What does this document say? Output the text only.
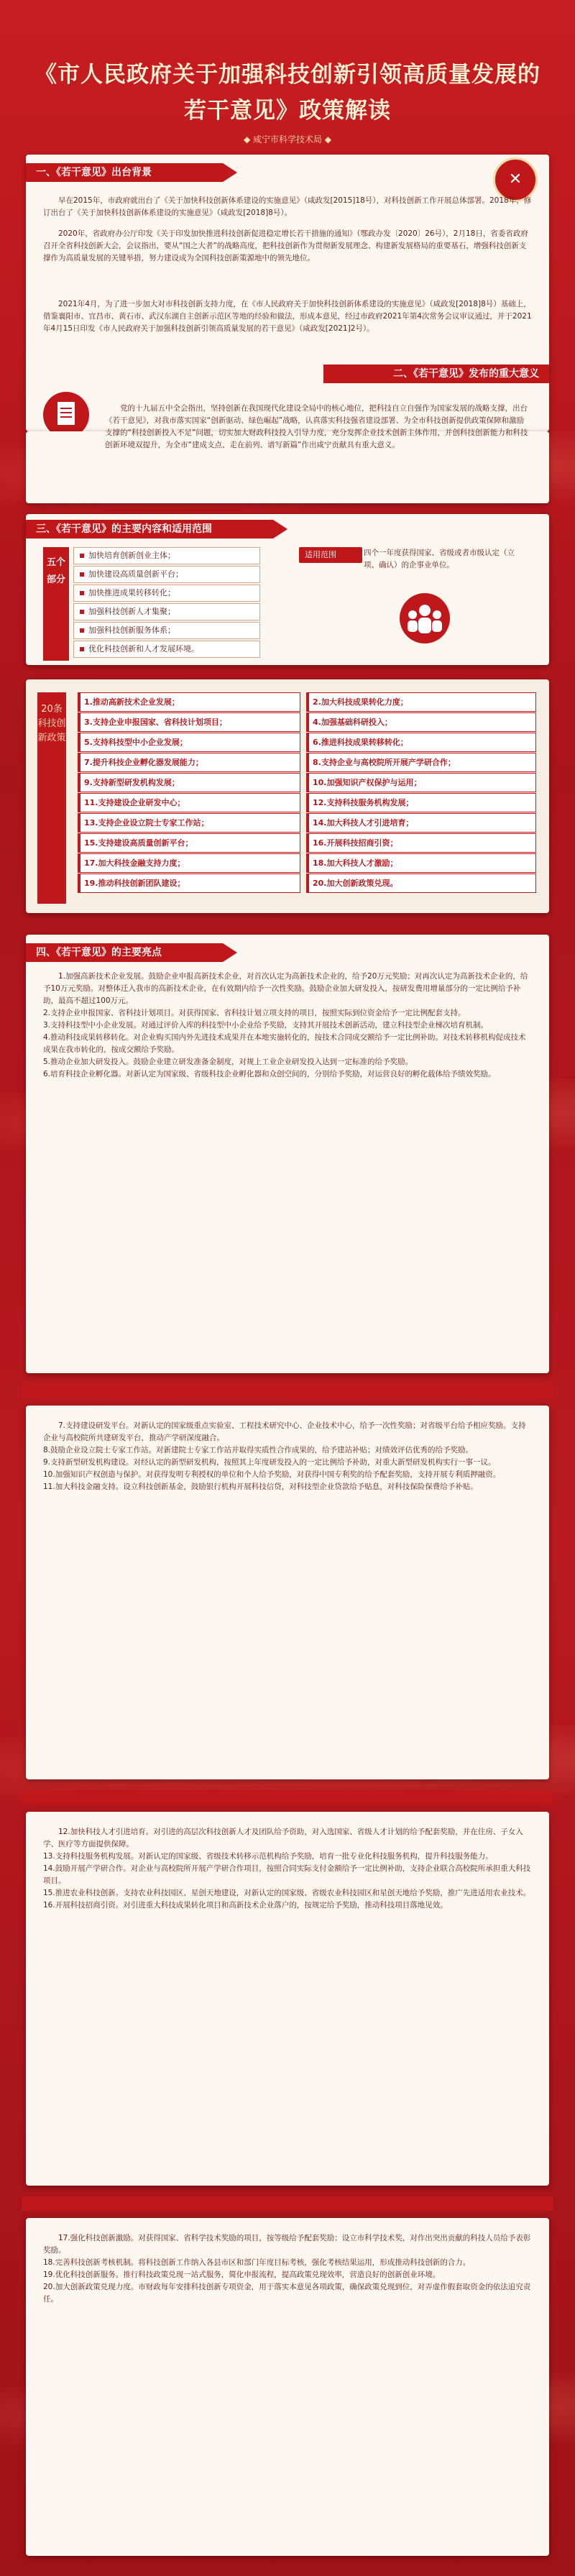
《市人民政府关于加强科技创新引领高质量发展的
若干意见》政策解读
◆ 咸宁市科学技术局 ◆
一、《若干意见》出台背景	✕

早在2015年，市政府就出台了《关于加快科技创新体系建设的实施意见》（咸政发[2015]18号），对科技创新工作开展总体部署。2018年，修订出台了《关于加快科技创新体系建设的实施意见》（咸政发[2018]8号）。

2020年，省政府办公厅印发《关于印发加快推进科技创新促进稳定增长若干措施的通知》（鄂政办发〔2020〕26号），2月18日，省委省政府召开全省科技创新大会，会议指出，要从“国之大者”的战略高度，把科技创新作为贯彻新发展理念、构建新发展格局的重要基石，增强科技创新支撑作为高质量发展的关键举措，努力建设成为全国科技创新策源地中的领先地位。

2021年4月，为了进一步加大对市科技创新支持力度，在《市人民政府关于加快科技创新体系建设的实施意见》（咸政发[2018]8号）基础上，借鉴襄阳市、宜昌市、黄石市、武汉东湖自主创新示范区等地的经验和做法，形成本意见，经过市政府2021年第4次常务会议审议通过，并于2021年4月15日印发《市人民政府关于加强科技创新引领高质量发展的若干意见》（咸政发[2021]2号）。

二、《若干意见》发布的重大意义

党的十九届五中全会指出，坚持创新在我国现代化建设全局中的核心地位，把科技自立自强作为国家发展的战略支撑，出台《若干意见》，对我市落实国家“创新驱动、绿色崛起”战略，认真落实科技强省建设部署、为全市科技创新提供政策保障和激励支撑的“科技创新投入不足”问题，切实加大财政科技投入引导力度，充分发挥企业技术创新主体作用，并创科技创新能力和科技创新环境双提升，为全市“建成支点、走在前列、谱写新篇”作出咸宁贡献具有重大意义。

三、《若干意见》的主要内容和适用范围
五个部分
加快培育创新创业主体；
加快建设高质量创新平台；
加快推进成果转移转化；
加强科技创新人才集聚；
加强科技创新服务体系；
优化科技创新和人才发展环境。
适用范围	四个一年度获得国家、省级或者市级认定（立项、确认）的企事业单位。

20条科技创新政策
1.推动高新技术企业发展；
3.支持企业申报国家、省科技计划项目；
5.支持科技型中小企业发展；
7.提升科技企业孵化器发展能力；
9.支持新型研发机构发展；
11.支持建设企业研发中心；
13.支持企业设立院士专家工作站；
15.支持建设高质量创新平台；
17.加大科技金融支持力度；
19.推动科技创新团队建设；
2.加大科技成果转化力度；
4.加强基础科研投入；
6.推进科技成果转移转化；
8.支持企业与高校院所开展产学研合作；
10.加强知识产权保护与运用；
12.支持科技服务机构发展；
14.加大科技人才引进培育；
16.开展科技招商引资；
18.加大科技人才激励；
20.加大创新政策兑现。
四、《若干意见》的主要亮点

1.加强高新技术企业发展。鼓励企业申报高新技术企业，对首次认定为高新技术企业的，给予20万元奖励；对再次认定为高新技术企业的，给予10万元奖励。对整体迁入我市的高新技术企业，在有效期内给予一次性奖励。鼓励企业加大研发投入，按研发费用增量部分的一定比例给予补助，最高不超过100万元。
2.支持企业申报国家、省科技计划项目。对获得国家、省科技计划立项支持的项目，按照实际到位资金给予一定比例配套支持。
3.支持科技型中小企业发展。对通过评价入库的科技型中小企业给予奖励，支持其开展技术创新活动，建立科技型企业梯次培育机制。
4.推动科技成果转移转化。对企业购买国内外先进技术成果并在本地实施转化的，按技术合同成交额给予一定比例补助。对技术转移机构促成技术成果在我市转化的，按成交额给予奖励。
5.推动企业加大研发投入。鼓励企业建立研发准备金制度，对规上工业企业研发投入达到一定标准的给予奖励。
6.培育科技企业孵化器。对新认定为国家级、省级科技企业孵化器和众创空间的，分别给予奖励，对运营良好的孵化载体给予绩效奖励。

7.支持建设研发平台。对新认定的国家级重点实验室、工程技术研究中心、企业技术中心，给予一次性奖励；对省级平台给予相应奖励。支持企业与高校院所共建研发平台，推动产学研深度融合。
8.鼓励企业设立院士专家工作站。对新建院士专家工作站并取得实质性合作成果的，给予建站补贴；对绩效评估优秀的给予奖励。
9.支持新型研发机构建设。对经认定的新型研发机构，按照其上年度研发投入的一定比例给予补助，对重大新型研发机构实行一事一议。
10.加强知识产权创造与保护。对获得发明专利授权的单位和个人给予奖励，对获得中国专利奖的给予配套奖励，支持开展专利质押融资。
11.加大科技金融支持。设立科技创新基金，鼓励银行机构开展科技信贷，对科技型企业贷款给予贴息，对科技保险保费给予补贴。

12.加快科技人才引进培育。对引进的高层次科技创新人才及团队给予资助，对入选国家、省级人才计划的给予配套奖励，并在住房、子女入学、医疗等方面提供保障。
13.支持科技服务机构发展。对新认定的国家级、省级技术转移示范机构给予奖励，培育一批专业化科技服务机构，提升科技服务能力。
14.鼓励开展产学研合作。对企业与高校院所开展产学研合作项目，按照合同实际支付金额给予一定比例补助，支持企业联合高校院所承担重大科技项目。
15.推进农业科技创新。支持农业科技园区、星创天地建设，对新认定的国家级、省级农业科技园区和星创天地给予奖励，推广先进适用农业技术。
16.开展科技招商引资。对引进重大科技成果转化项目和高新技术企业落户的，按规定给予奖励，推动科技项目落地见效。

17.强化科技创新激励。对获得国家、省科学技术奖励的项目，按等级给予配套奖励；设立市科学技术奖，对作出突出贡献的科技人员给予表彰奖励。
18.完善科技创新考核机制。将科技创新工作纳入各县市区和部门年度目标考核，强化考核结果运用，形成推动科技创新的合力。
19.优化科技创新服务。推行科技政策兑现一站式服务，简化申报流程，提高政策兑现效率，营造良好的创新创业环境。
20.加大创新政策兑现力度。市财政每年安排科技创新专项资金，用于落实本意见各项政策，确保政策兑现到位，对弄虚作假套取资金的依法追究责任。
